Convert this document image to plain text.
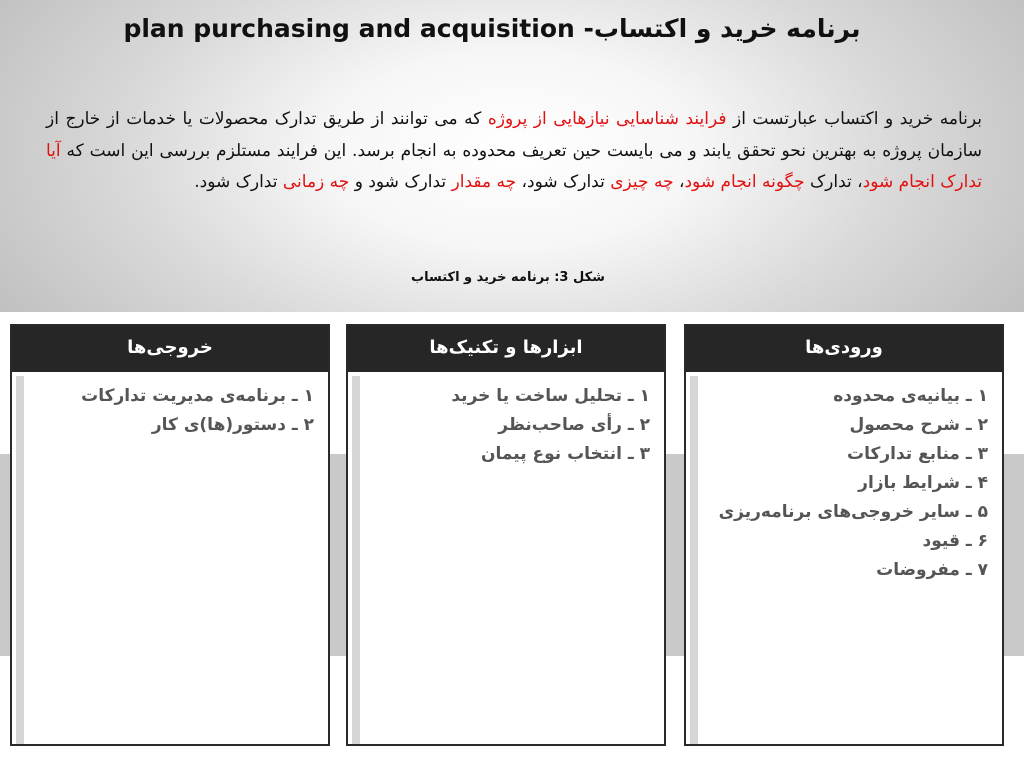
plan purchasing and acquisition -برنامه خرید و اکتساب
برنامه خرید و اکتساب عبارتست از فرایند شناسایی نیازهایی از پروژه که می توانند از طریق تدارک محصولات یا خدمات از خارج از سازمان پروژه به بهترین نحو تحقق یابند و می بایست حین تعریف محدوده به انجام برسد. این فرایند مستلزم بررسی این است که آیا تدارک انجام شود، تدارک چگونه انجام شود، چه چیزی تدارک شود، چه مقدار تدارک شود و چه زمانی تدارک شود.
شکل 3: برنامه خرید و اکتساب
خروجی‌ها
۱ ـ برنامه‌ی مدیریت تدارکات
۲ ـ دستور(ها)ی کار
ابزارها و تکنیک‌ها
۱ ـ تحلیل ساخت یا خرید
۲ ـ رأی صاحب‌نظر
۳ ـ انتخاب نوع پیمان
ورودی‌ها
۱ ـ بیانیه‌ی محدوده
۲ ـ شرح محصول
۳ ـ منابع تدارکات
۴ ـ شرایط بازار
۵ ـ سایر خروجی‌های برنامه‌ریزی
۶ ـ قیود
۷ ـ مفروضات
